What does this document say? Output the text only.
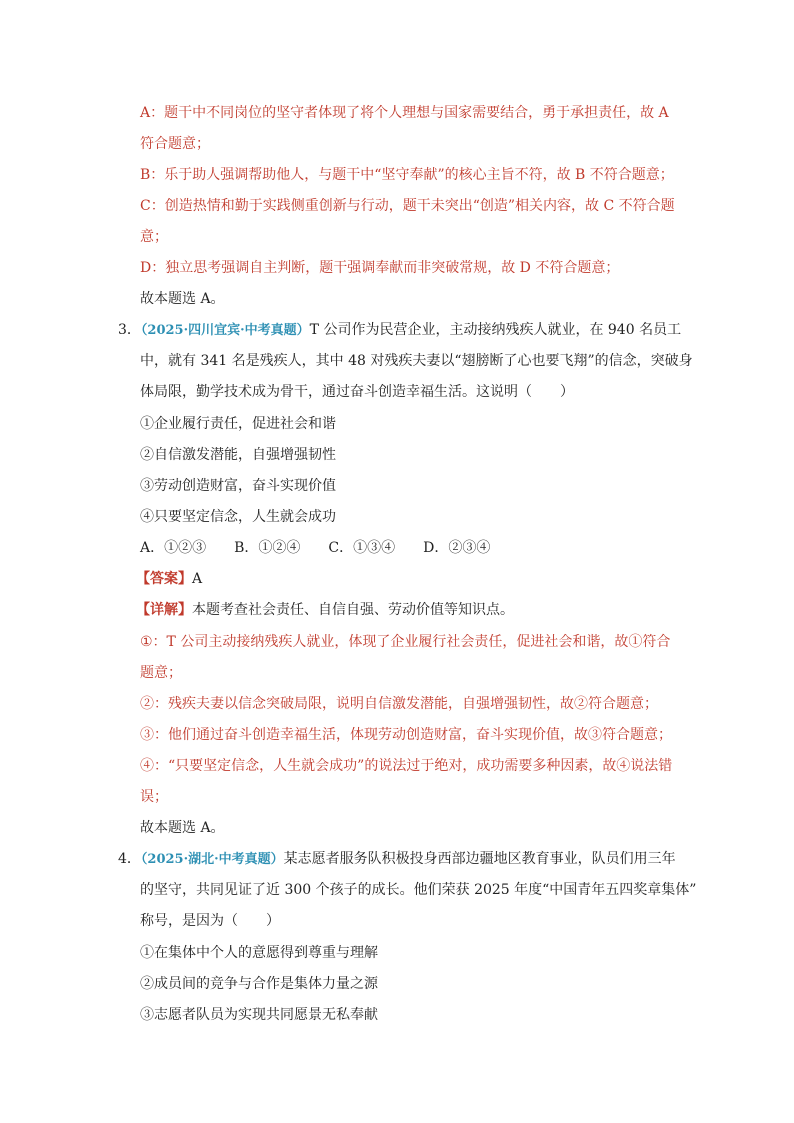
A：题干中不同岗位的坚守者体现了将个人理想与国家需要结合，勇于承担责任，故 A
符合题意；
B：乐于助人强调帮助他人，与题干中“坚守奉献”的核心主旨不符，故 B 不符合题意；
C：创造热情和勤于实践侧重创新与行动，题干未突出“创造”相关内容，故 C 不符合题
意；
D：独立思考强调自主判断，题干强调奉献而非突破常规，故 D 不符合题意；
故本题选 A。
3．（2025·四川宜宾·中考真题）T 公司作为民营企业，主动接纳残疾人就业，在 940 名员工
中，就有 341 名是残疾人，其中 48 对残疾夫妻以“翅膀断了心也要飞翔”的信念，突破身
体局限，勤学技术成为骨干，通过奋斗创造幸福生活。这说明（　　）
①企业履行责任，促进社会和谐
②自信激发潜能，自强增强韧性
③劳动创造财富，奋斗实现价值
④只要坚定信念，人生就会成功
A．①②③　　B．①②④　　C．①③④　　D．②③④
【答案】A
【详解】本题考查社会责任、自信自强、劳动价值等知识点。
①：T 公司主动接纳残疾人就业，体现了企业履行社会责任，促进社会和谐，故①符合
题意；
②：残疾夫妻以信念突破局限，说明自信激发潜能，自强增强韧性，故②符合题意；
③：他们通过奋斗创造幸福生活，体现劳动创造财富，奋斗实现价值，故③符合题意；
④：“只要坚定信念，人生就会成功”的说法过于绝对，成功需要多种因素，故④说法错
误；
故本题选 A。
4．（2025·湖北·中考真题）某志愿者服务队积极投身西部边疆地区教育事业，队员们用三年
的坚守，共同见证了近 300 个孩子的成长。他们荣获 2025 年度“中国青年五四奖章集体”
称号，是因为（　　）
①在集体中个人的意愿得到尊重与理解
②成员间的竞争与合作是集体力量之源
③志愿者队员为实现共同愿景无私奉献
